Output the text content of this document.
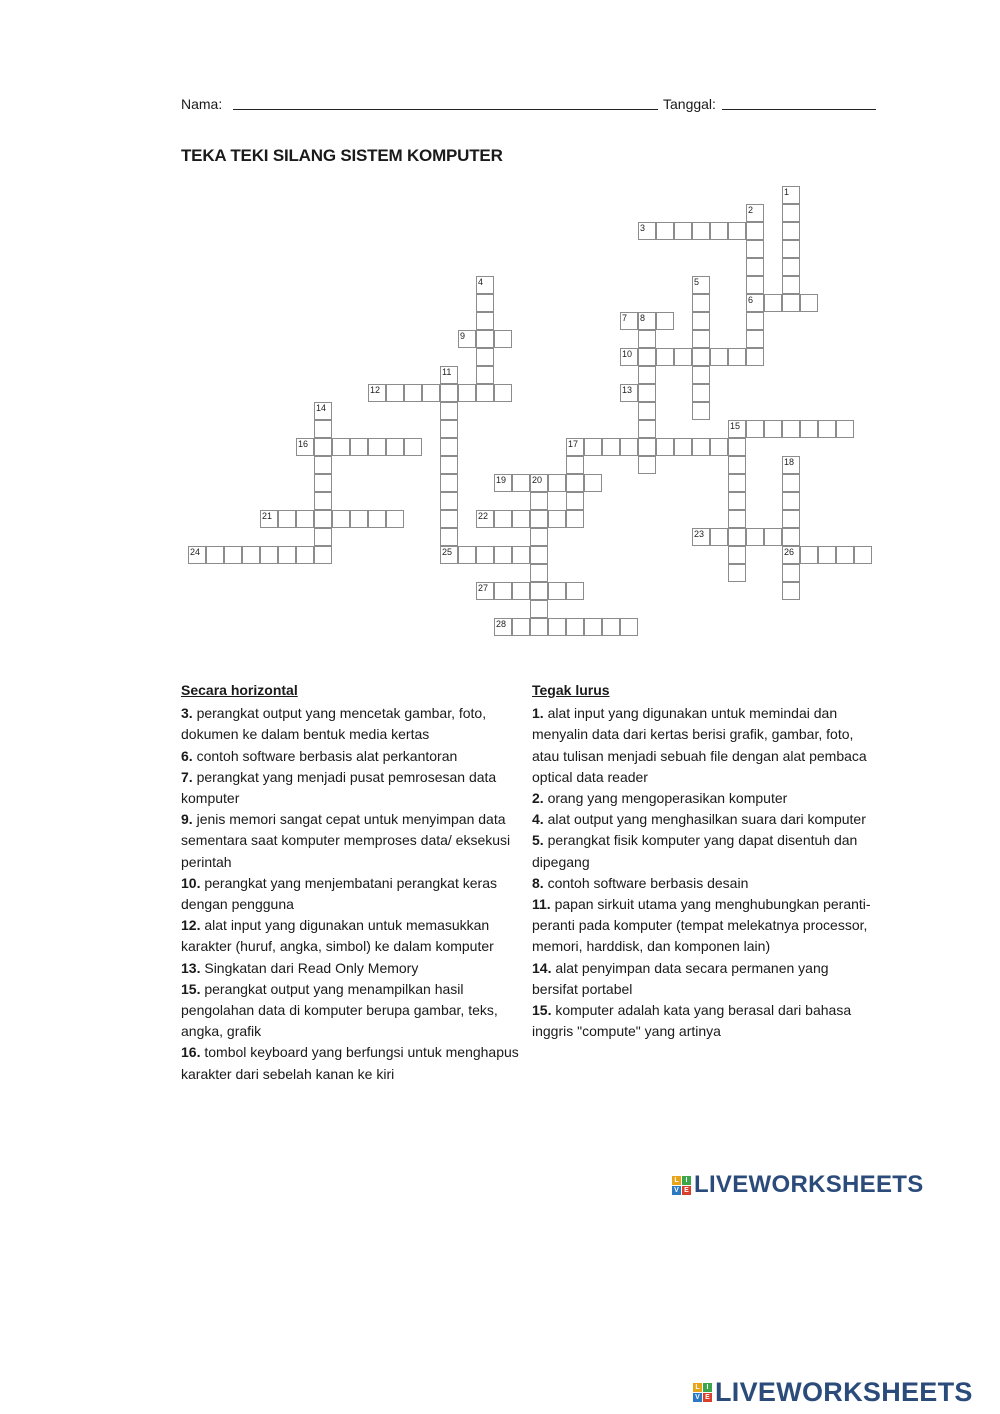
Nama:	Tanggal:
TEKA TEKI SILANG SISTEM KOMPUTER
1
2
3
4	5
6
7 8
9
10
11
12	13
14
15
16	17
18
19	20
21	22
23
24	25	26
27
28
Secara horizontal
3. perangkat output yang mencetak gambar, foto, dokumen ke dalam bentuk media kertas
6. contoh software berbasis alat perkantoran
7. perangkat yang menjadi pusat pemrosesan data komputer
9. jenis memori sangat cepat untuk menyimpan data sementara saat komputer memproses data/ eksekusi perintah
10. perangkat yang menjembatani perangkat keras dengan pengguna
12. alat input yang digunakan untuk memasukkan karakter (huruf, angka, simbol) ke dalam komputer
13. Singkatan dari Read Only Memory
15. perangkat output yang menampilkan hasil pengolahan data di komputer berupa gambar, teks, angka, grafik
16. tombol keyboard yang berfungsi untuk menghapus karakter dari sebelah kanan ke kiri
Tegak lurus
1. alat input yang digunakan untuk memindai dan menyalin data dari kertas berisi grafik, gambar, foto, atau tulisan menjadi sebuah file dengan alat pembaca optical data reader
2. orang yang mengoperasikan komputer
4. alat output yang menghasilkan suara dari komputer
5. perangkat fisik komputer yang dapat disentuh dan dipegang
8. contoh software berbasis desain
11. papan sirkuit utama yang menghubungkan peranti-peranti pada komputer (tempat melekatnya processor, memori, harddisk, dan komponen lain)
14. alat penyimpan data secara permanen yang bersifat portabel
15. komputer adalah kata yang berasal dari bahasa inggris "compute" yang artinya
L I
V E LIVEWORKSHEETS
L I
V E LIVEWORKSHEETS
